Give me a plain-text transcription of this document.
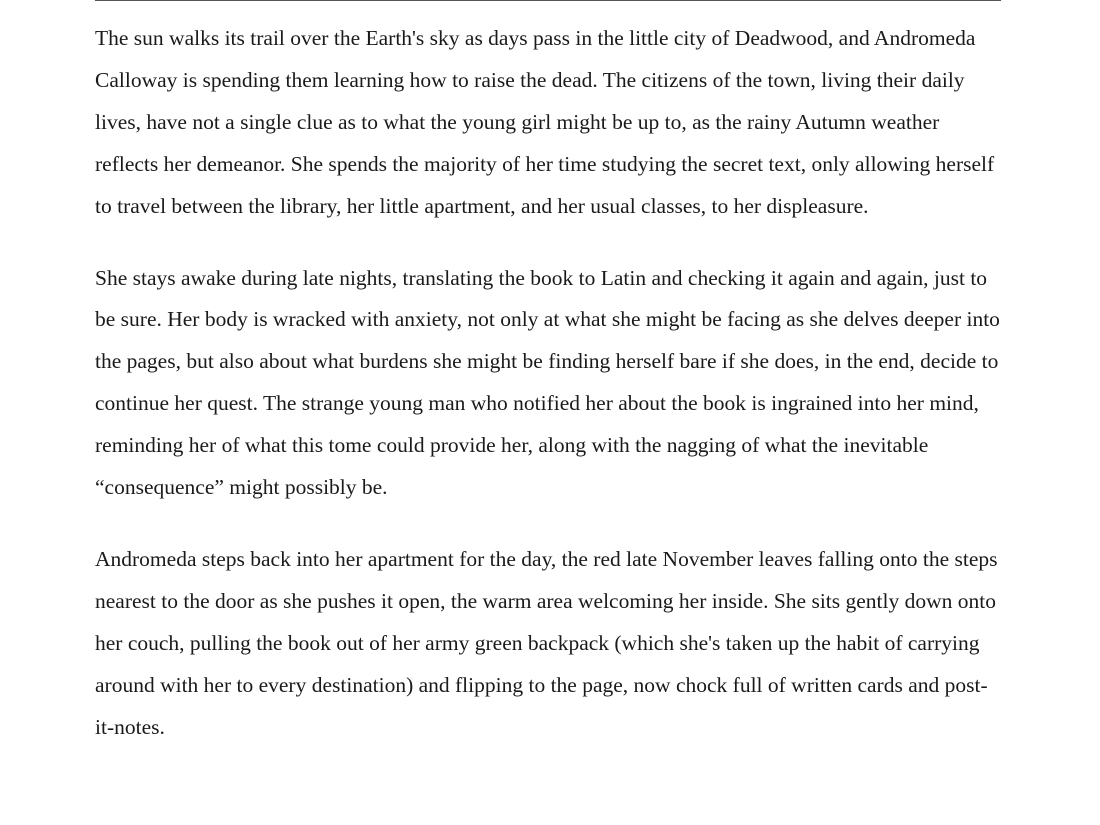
The sun walks its trail over the Earth's sky as days pass in the little city of Deadwood, and Andromeda Calloway is spending them learning how to raise the dead. The citizens of the town, living their daily lives, have not a single clue as to what the young girl might be up to, as the rainy Autumn weather reflects her demeanor. She spends the majority of her time studying the secret text, only allowing herself to travel between the library, her little apartment, and her usual classes, to her displeasure.

She stays awake during late nights, translating the book to Latin and checking it again and again, just to be sure. Her body is wracked with anxiety, not only at what she might be facing as she delves deeper into the pages, but also about what burdens she might be finding herself bare if she does, in the end, decide to continue her quest. The strange young man who notified her about the book is ingrained into her mind, reminding her of what this tome could provide her, along with the nagging of what the inevitable “consequence” might possibly be.

Andromeda steps back into her apartment for the day, the red late November leaves falling onto the steps nearest to the door as she pushes it open, the warm area welcoming her inside. She sits gently down onto her couch, pulling the book out of her army green backpack (which she's taken up the habit of carrying around with her to every destination) and flipping to the page, now chock full of written cards and post-it-notes.
